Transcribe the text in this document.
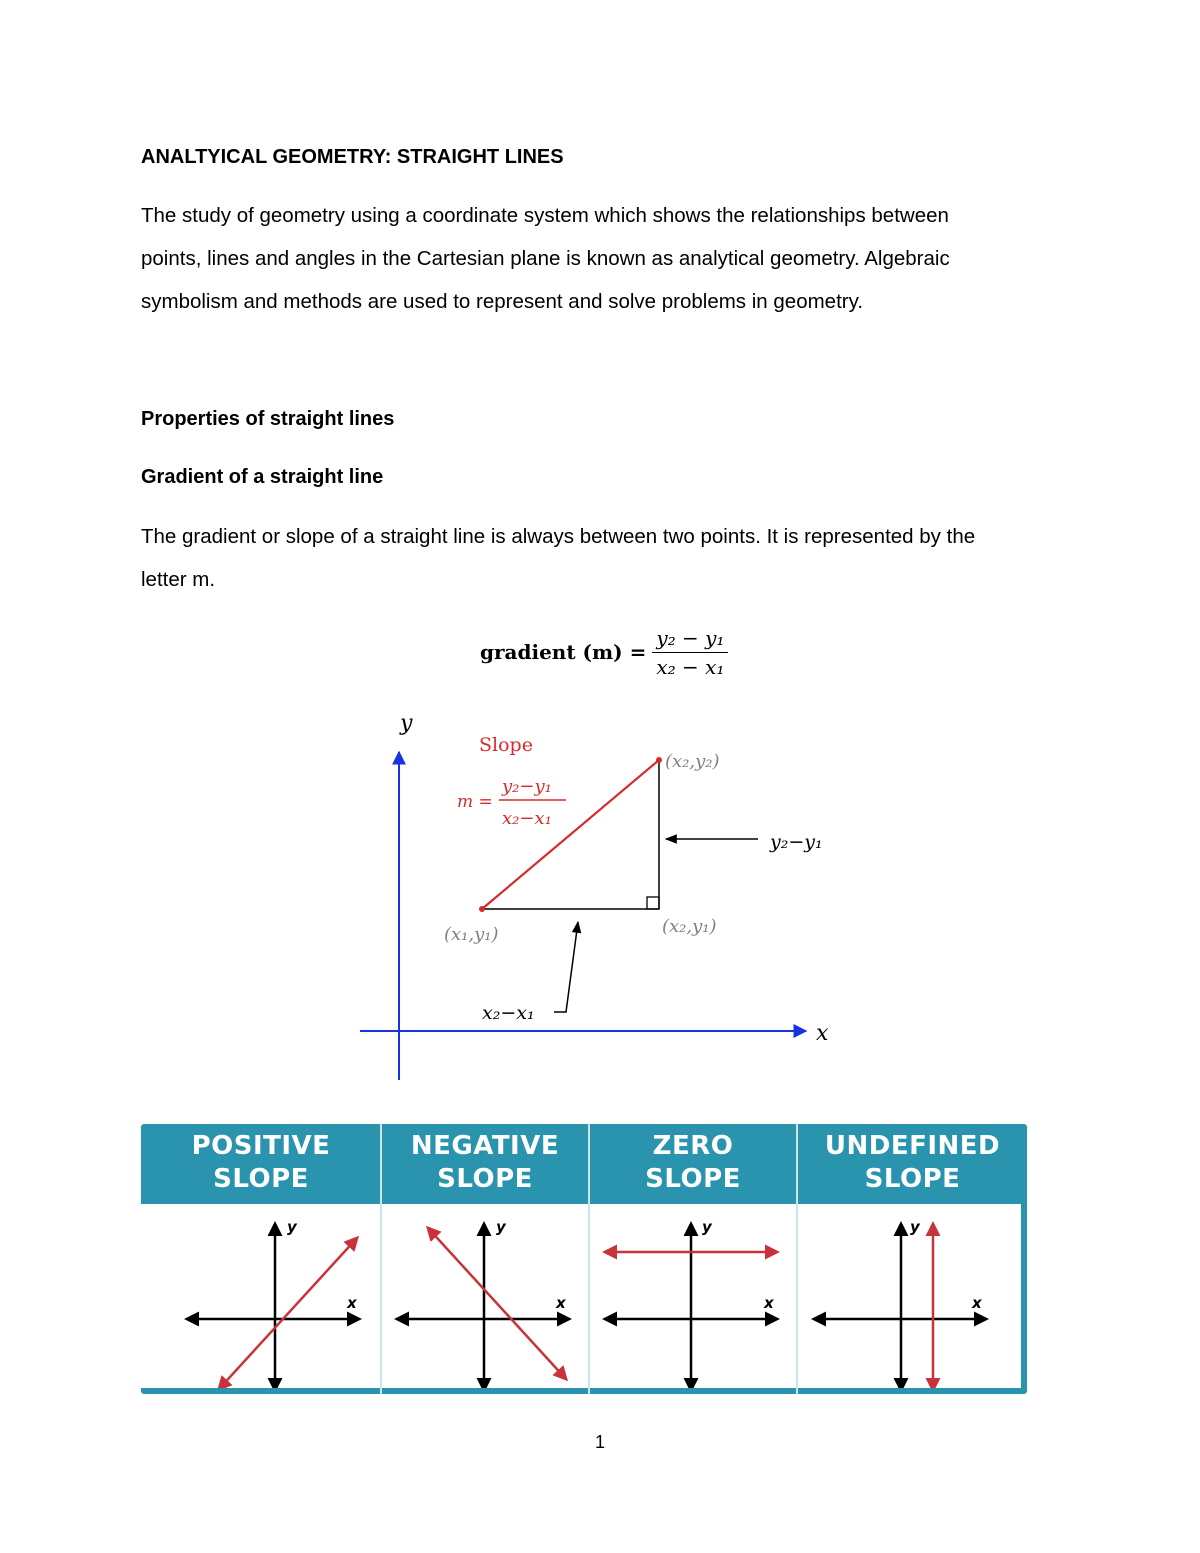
ANALTYICAL GEOMETRY: STRAIGHT LINES
The study of geometry using a coordinate system which shows the relationships between
points, lines and angles in the Cartesian plane is known as analytical geometry. Algebraic
symbolism and methods are used to represent and solve problems in geometry.
Properties of straight lines
Gradient of a straight line
The gradient or slope of a straight line is always between two points. It is represented by the
letter m.
gradient $(m) = \frac{\text{y₂ − y₁}}{\text{x₂ − x₁}}$
y
x
Slope
m =
y₂−y₁
x₂−x₁
(x₁,y₁)
(x₂,y₂)
(x₂,y₁)
y₂−y₁
x₂−x₁
POSITIVE
SLOPE
y
x
NEGATIVE
SLOPE
y
x
ZERO
SLOPE
y
x
UNDEFINED
SLOPE
y
x
1
